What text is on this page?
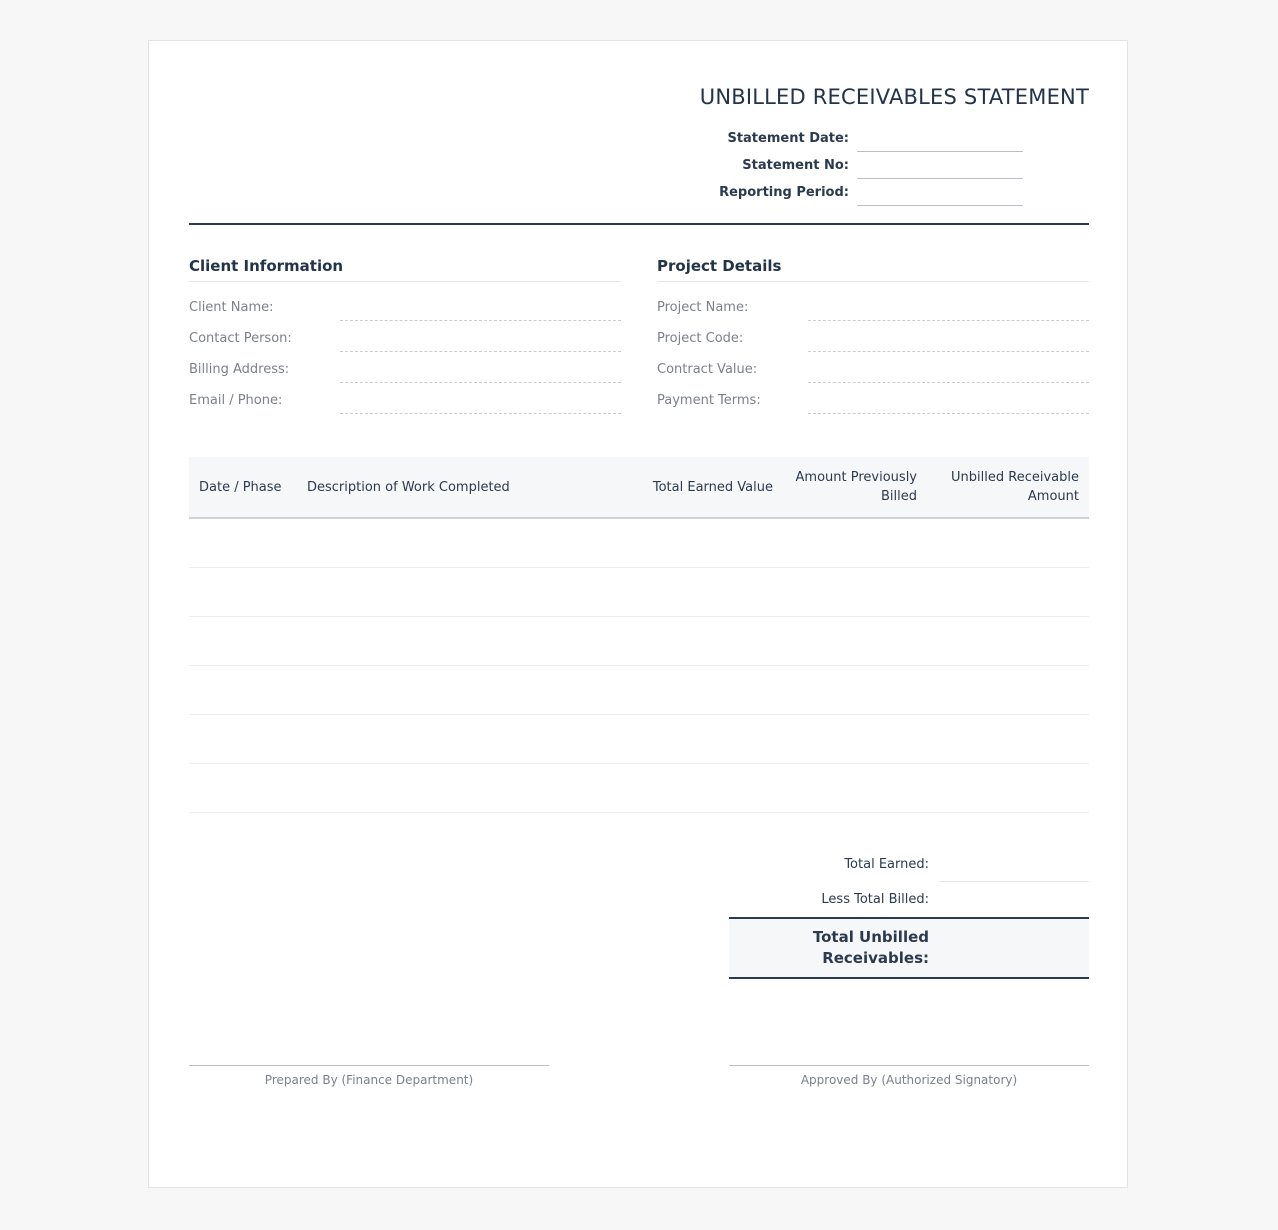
UNBILLED RECEIVABLES STATEMENT
Statement Date:
Statement No:
Reporting Period:
Client Information
Client Name:
Contact Person:
Billing Address:
Email / Phone:
Project Details
Project Name:
Project Code:
Contract Value:
Payment Terms:
Date / Phase	Description of Work Completed	Total Earned Value	Amount Previously Billed	Unbilled Receivable Amount

Total Earned:
Less Total Billed:
Total Unbilled Receivables:
Prepared By (Finance Department)	Approved By (Authorized Signatory)
